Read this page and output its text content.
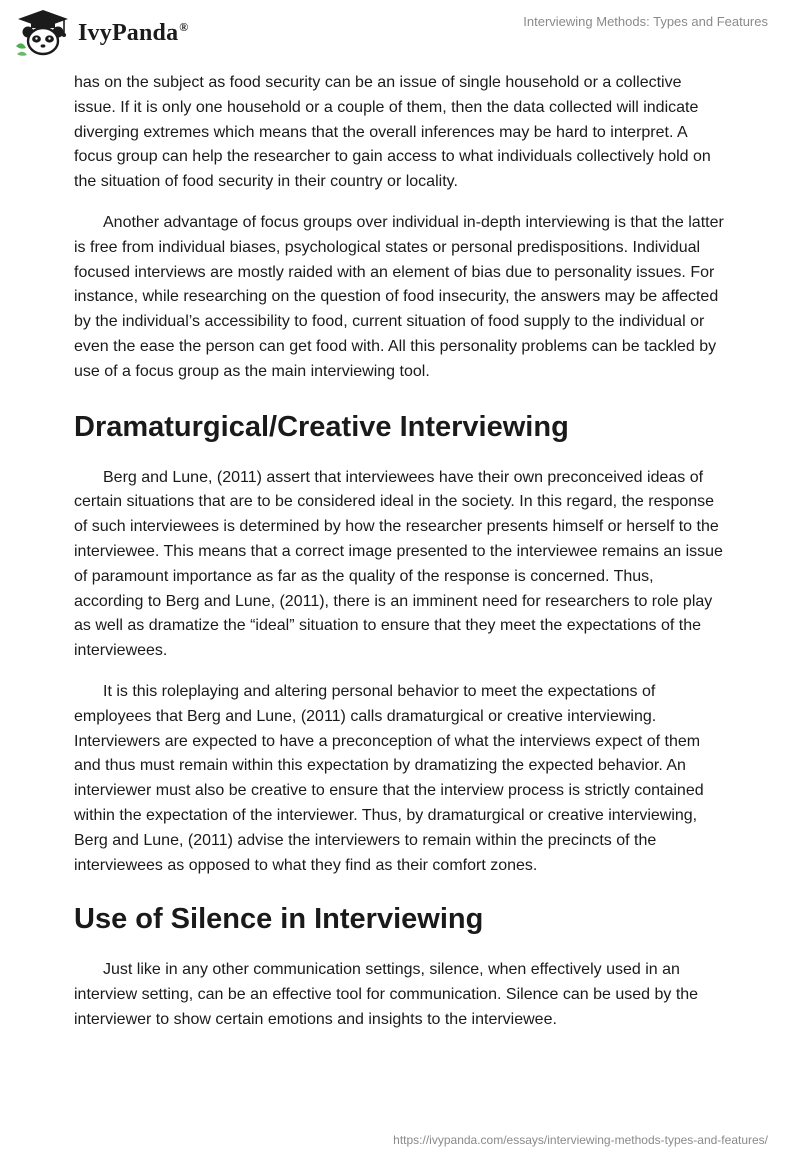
IvyPanda®	Interviewing Methods: Types and Features

has on the subject as food security can be an issue of single household or a collective issue. If it is only one household or a couple of them, then the data collected will indicate diverging extremes which means that the overall inferences may be hard to interpret. A focus group can help the researcher to gain access to what individuals collectively hold on the situation of food security in their country or locality.

Another advantage of focus groups over individual in-depth interviewing is that the latter is free from individual biases, psychological states or personal predispositions. Individual focused interviews are mostly raided with an element of bias due to personality issues. For instance, while researching on the question of food insecurity, the answers may be affected by the individual’s accessibility to food, current situation of food supply to the individual or even the ease the person can get food with. All this personality problems can be tackled by use of a focus group as the main interviewing tool.

Dramaturgical/Creative Interviewing

Berg and Lune, (2011) assert that interviewees have their own preconceived ideas of certain situations that are to be considered ideal in the society. In this regard, the response of such interviewees is determined by how the researcher presents himself or herself to the interviewee. This means that a correct image presented to the interviewee remains an issue of paramount importance as far as the quality of the response is concerned. Thus, according to Berg and Lune, (2011), there is an imminent need for researchers to role play as well as dramatize the “ideal” situation to ensure that they meet the expectations of the interviewees.

It is this roleplaying and altering personal behavior to meet the expectations of employees that Berg and Lune, (2011) calls dramaturgical or creative interviewing. Interviewers are expected to have a preconception of what the interviews expect of them and thus must remain within this expectation by dramatizing the expected behavior. An interviewer must also be creative to ensure that the interview process is strictly contained within the expectation of the interviewer. Thus, by dramaturgical or creative interviewing, Berg and Lune, (2011) advise the interviewers to remain within the precincts of the interviewees as opposed to what they find as their comfort zones.

Use of Silence in Interviewing

Just like in any other communication settings, silence, when effectively used in an interview setting, can be an effective tool for communication. Silence can be used by the interviewer to show certain emotions and insights to the interviewee.

https://ivypanda.com/essays/interviewing-methods-types-and-features/
